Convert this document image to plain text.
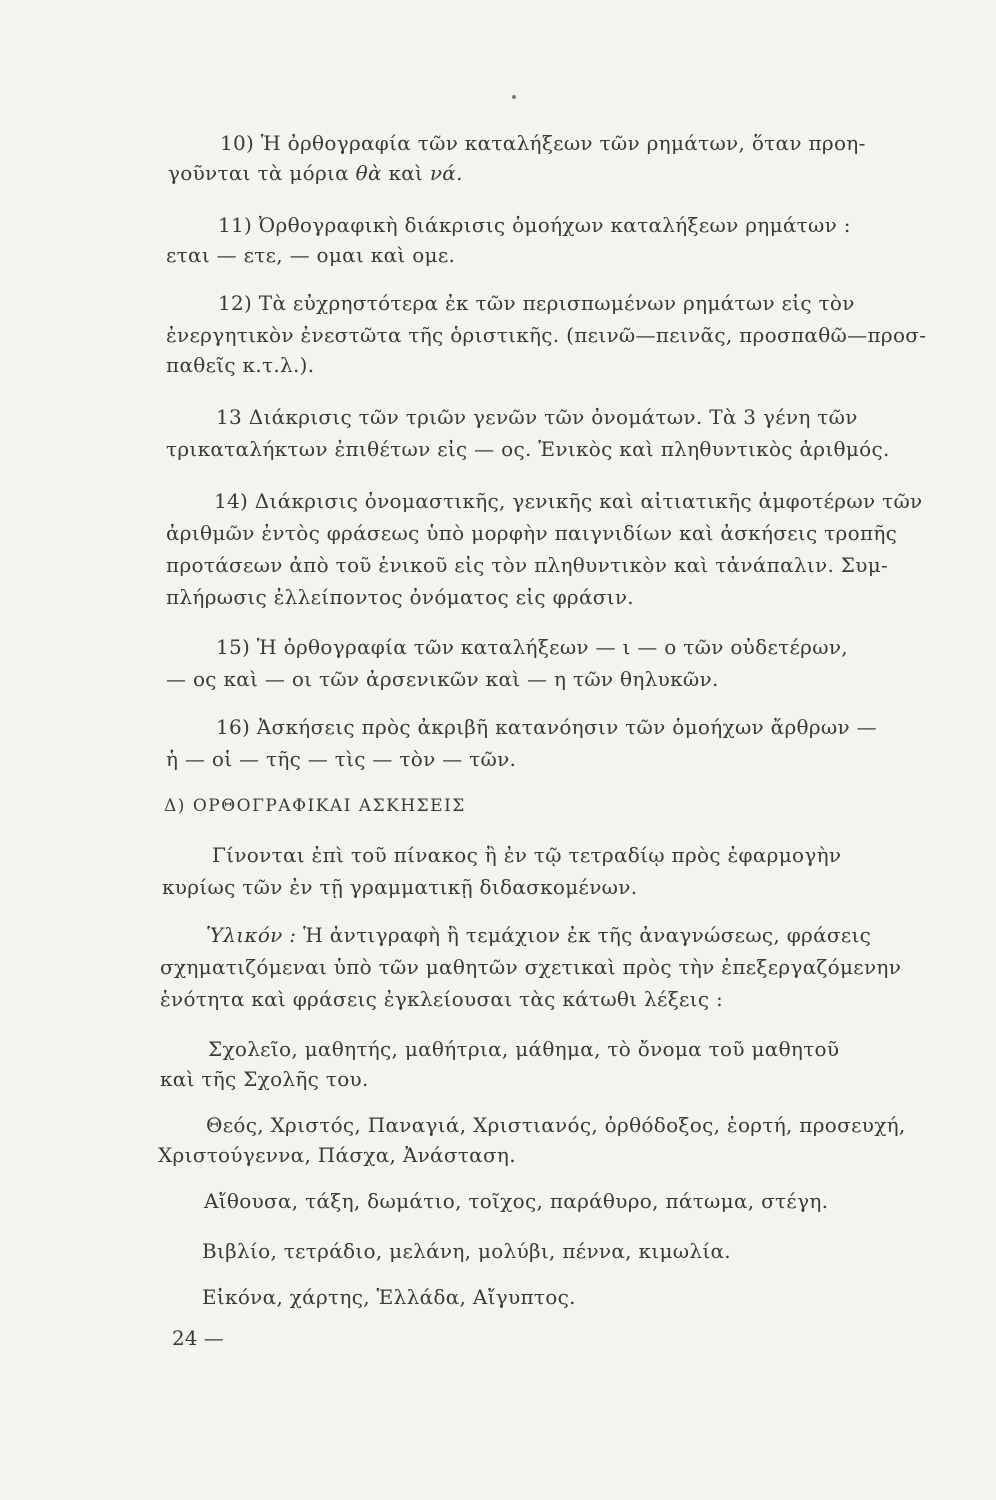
10) Ἡ ὀρθογραφία τῶν καταλήξεων τῶν ρημάτων, ὅταν προη-
γοῦνται τὰ μόρια θὰ καὶ νά.
11) Ὀρθογραφικὴ διάκρισις ὁμοήχων καταλήξεων ρημάτων :
εται — ετε, — ομαι καὶ ομε.
12) Τὰ εὐχρηστότερα ἐκ τῶν περισπωμένων ρημάτων εἰς τὸν
ἐνεργητικὸν ἐνεστῶτα τῆς ὁριστικῆς. (πεινῶ—πεινᾶς, προσπαθῶ—προσ-
παθεῖς κ.τ.λ.).
13 Διάκρισις τῶν τριῶν γενῶν τῶν ὀνομάτων. Τὰ 3 γένη τῶν
τρικαταλήκτων ἐπιθέτων εἰς — ος. Ἑνικὸς καὶ πληθυντικὸς ἀριθμός.
14) Διάκρισις ὀνομαστικῆς, γενικῆς καὶ αἰτιατικῆς ἀμφοτέρων τῶν
ἀριθμῶν ἐντὸς φράσεως ὑπὸ μορφὴν παιγνιδίων καὶ ἀσκήσεις τροπῆς
προτάσεων ἀπὸ τοῦ ἑνικοῦ εἰς τὸν πληθυντικὸν καὶ τἀνάπαλιν. Συμ-
πλήρωσις ἐλλείποντος ὀνόματος εἰς φράσιν.
15) Ἡ ὀρθογραφία τῶν καταλήξεων — ι — ο τῶν οὐδετέρων,
— ος καὶ — οι τῶν ἀρσενικῶν καὶ — η τῶν θηλυκῶν.
16) Ἀσκήσεις πρὸς ἀκριβῆ κατανόησιν τῶν ὁμοήχων ἄρθρων —
ἡ — οἱ — τῆς — τὶς — τὸν — τῶν.
Δ) ΟΡΘΟΓΡΑΦΙΚΑΙ ΑΣΚΗΣΕΙΣ
Γίνονται ἐπὶ τοῦ πίνακος ἢ ἐν τῷ τετραδίῳ πρὸς ἐφαρμογὴν
κυρίως τῶν ἐν τῇ γραμματικῇ διδασκομένων.
Ὑλικόν : Ἡ ἀντιγραφὴ ἢ τεμάχιον ἐκ τῆς ἀναγνώσεως, φράσεις
σχηματιζόμεναι ὑπὸ τῶν μαθητῶν σχετικαὶ πρὸς τὴν ἐπεξεργαζόμενην
ἑνότητα καὶ φράσεις ἐγκλείουσαι τὰς κάτωθι λέξεις :
Σχολεῖο, μαθητής, μαθήτρια, μάθημα, τὸ ὄνομα τοῦ μαθητοῦ
καὶ τῆς Σχολῆς του.
Θεός, Χριστός, Παναγιά, Χριστιανός, ὀρθόδοξος, ἑορτή, προσευχή,
Χριστούγεννα, Πάσχα, Ἀνάσταση.
Αἴθουσα, τάξη, δωμάτιο, τοῖχος, παράθυρο, πάτωμα, στέγη.
Βιβλίο, τετράδιο, μελάνη, μολύβι, πέννα, κιμωλία.
Εἰκόνα, χάρτης, Ἑλλάδα, Αἴγυπτος.
24 —
